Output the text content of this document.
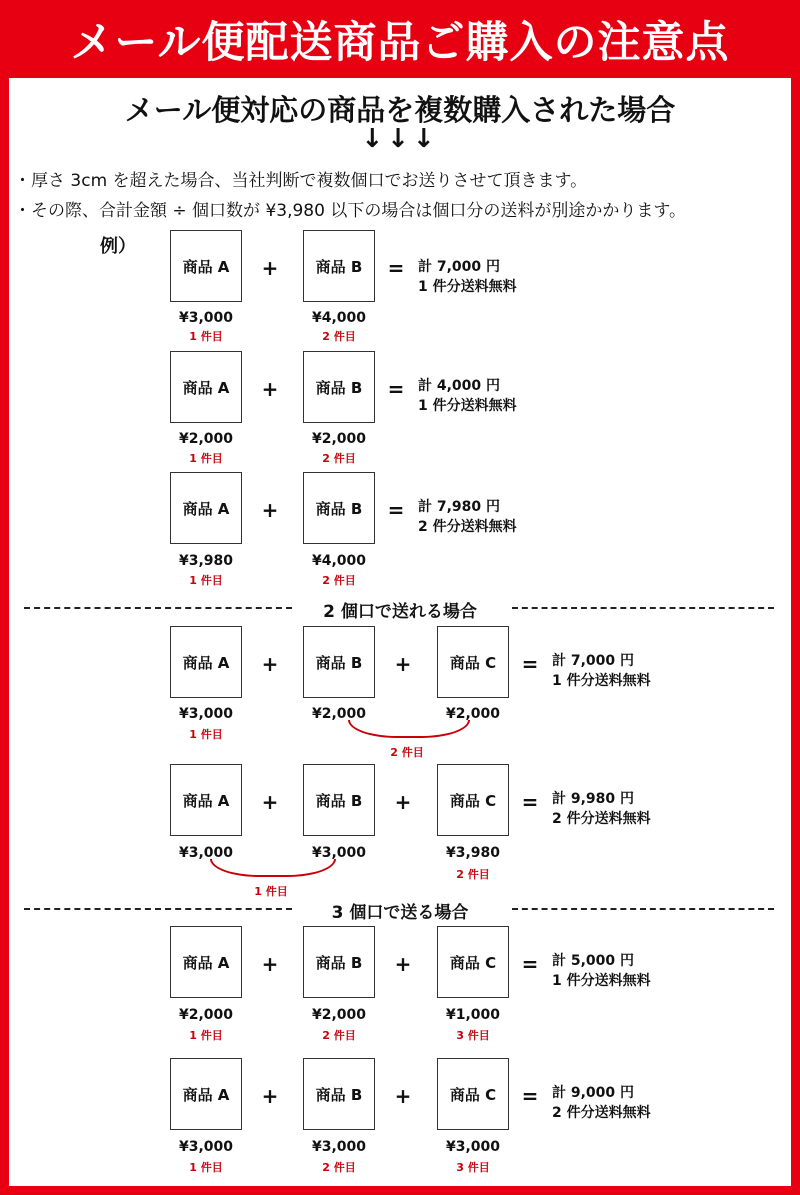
メール便配送商品ご購入の注意点
メール便対応の商品を複数購入された場合
↓↓↓
・厚さ 3cm を超えた場合、当社判断で複数個口でお送りさせて頂きます。
・その際、合計金額 ÷ 個口数が ¥3,980 以下の場合は個口分の送料が別途かかります。
例）
商品 A	+	商品 B	= 計 7,000 円
1 件分送料無料
¥3,000	¥4,000
1 件目	2 件目
商品 A	+	商品 B	= 計 4,000 円
1 件分送料無料
¥2,000	¥2,000
1 件目	2 件目
商品 A	+	商品 B	= 計 7,980 円
2 件分送料無料
¥3,980	¥4,000
1 件目	2 件目
2 個口で送れる場合
商品 A	+	商品 B	+	商品 C	= 計 7,000 円
1 件分送料無料
¥3,000	¥2,000	¥2,000
1 件目
2 件目
商品 A	+	商品 B	+	商品 C	= 計 9,980 円
2 件分送料無料
¥3,000	¥3,000	¥3,980
1 件目
2 件目
3 個口で送る場合
商品 A	+	商品 B	+	商品 C	= 計 5,000 円
1 件分送料無料
¥2,000	¥2,000	¥1,000
1 件目	2 件目	3 件目
商品 A	+	商品 B	+	商品 C	= 計 9,000 円
2 件分送料無料
¥3,000	¥3,000	¥3,000
1 件目	2 件目	3 件目
